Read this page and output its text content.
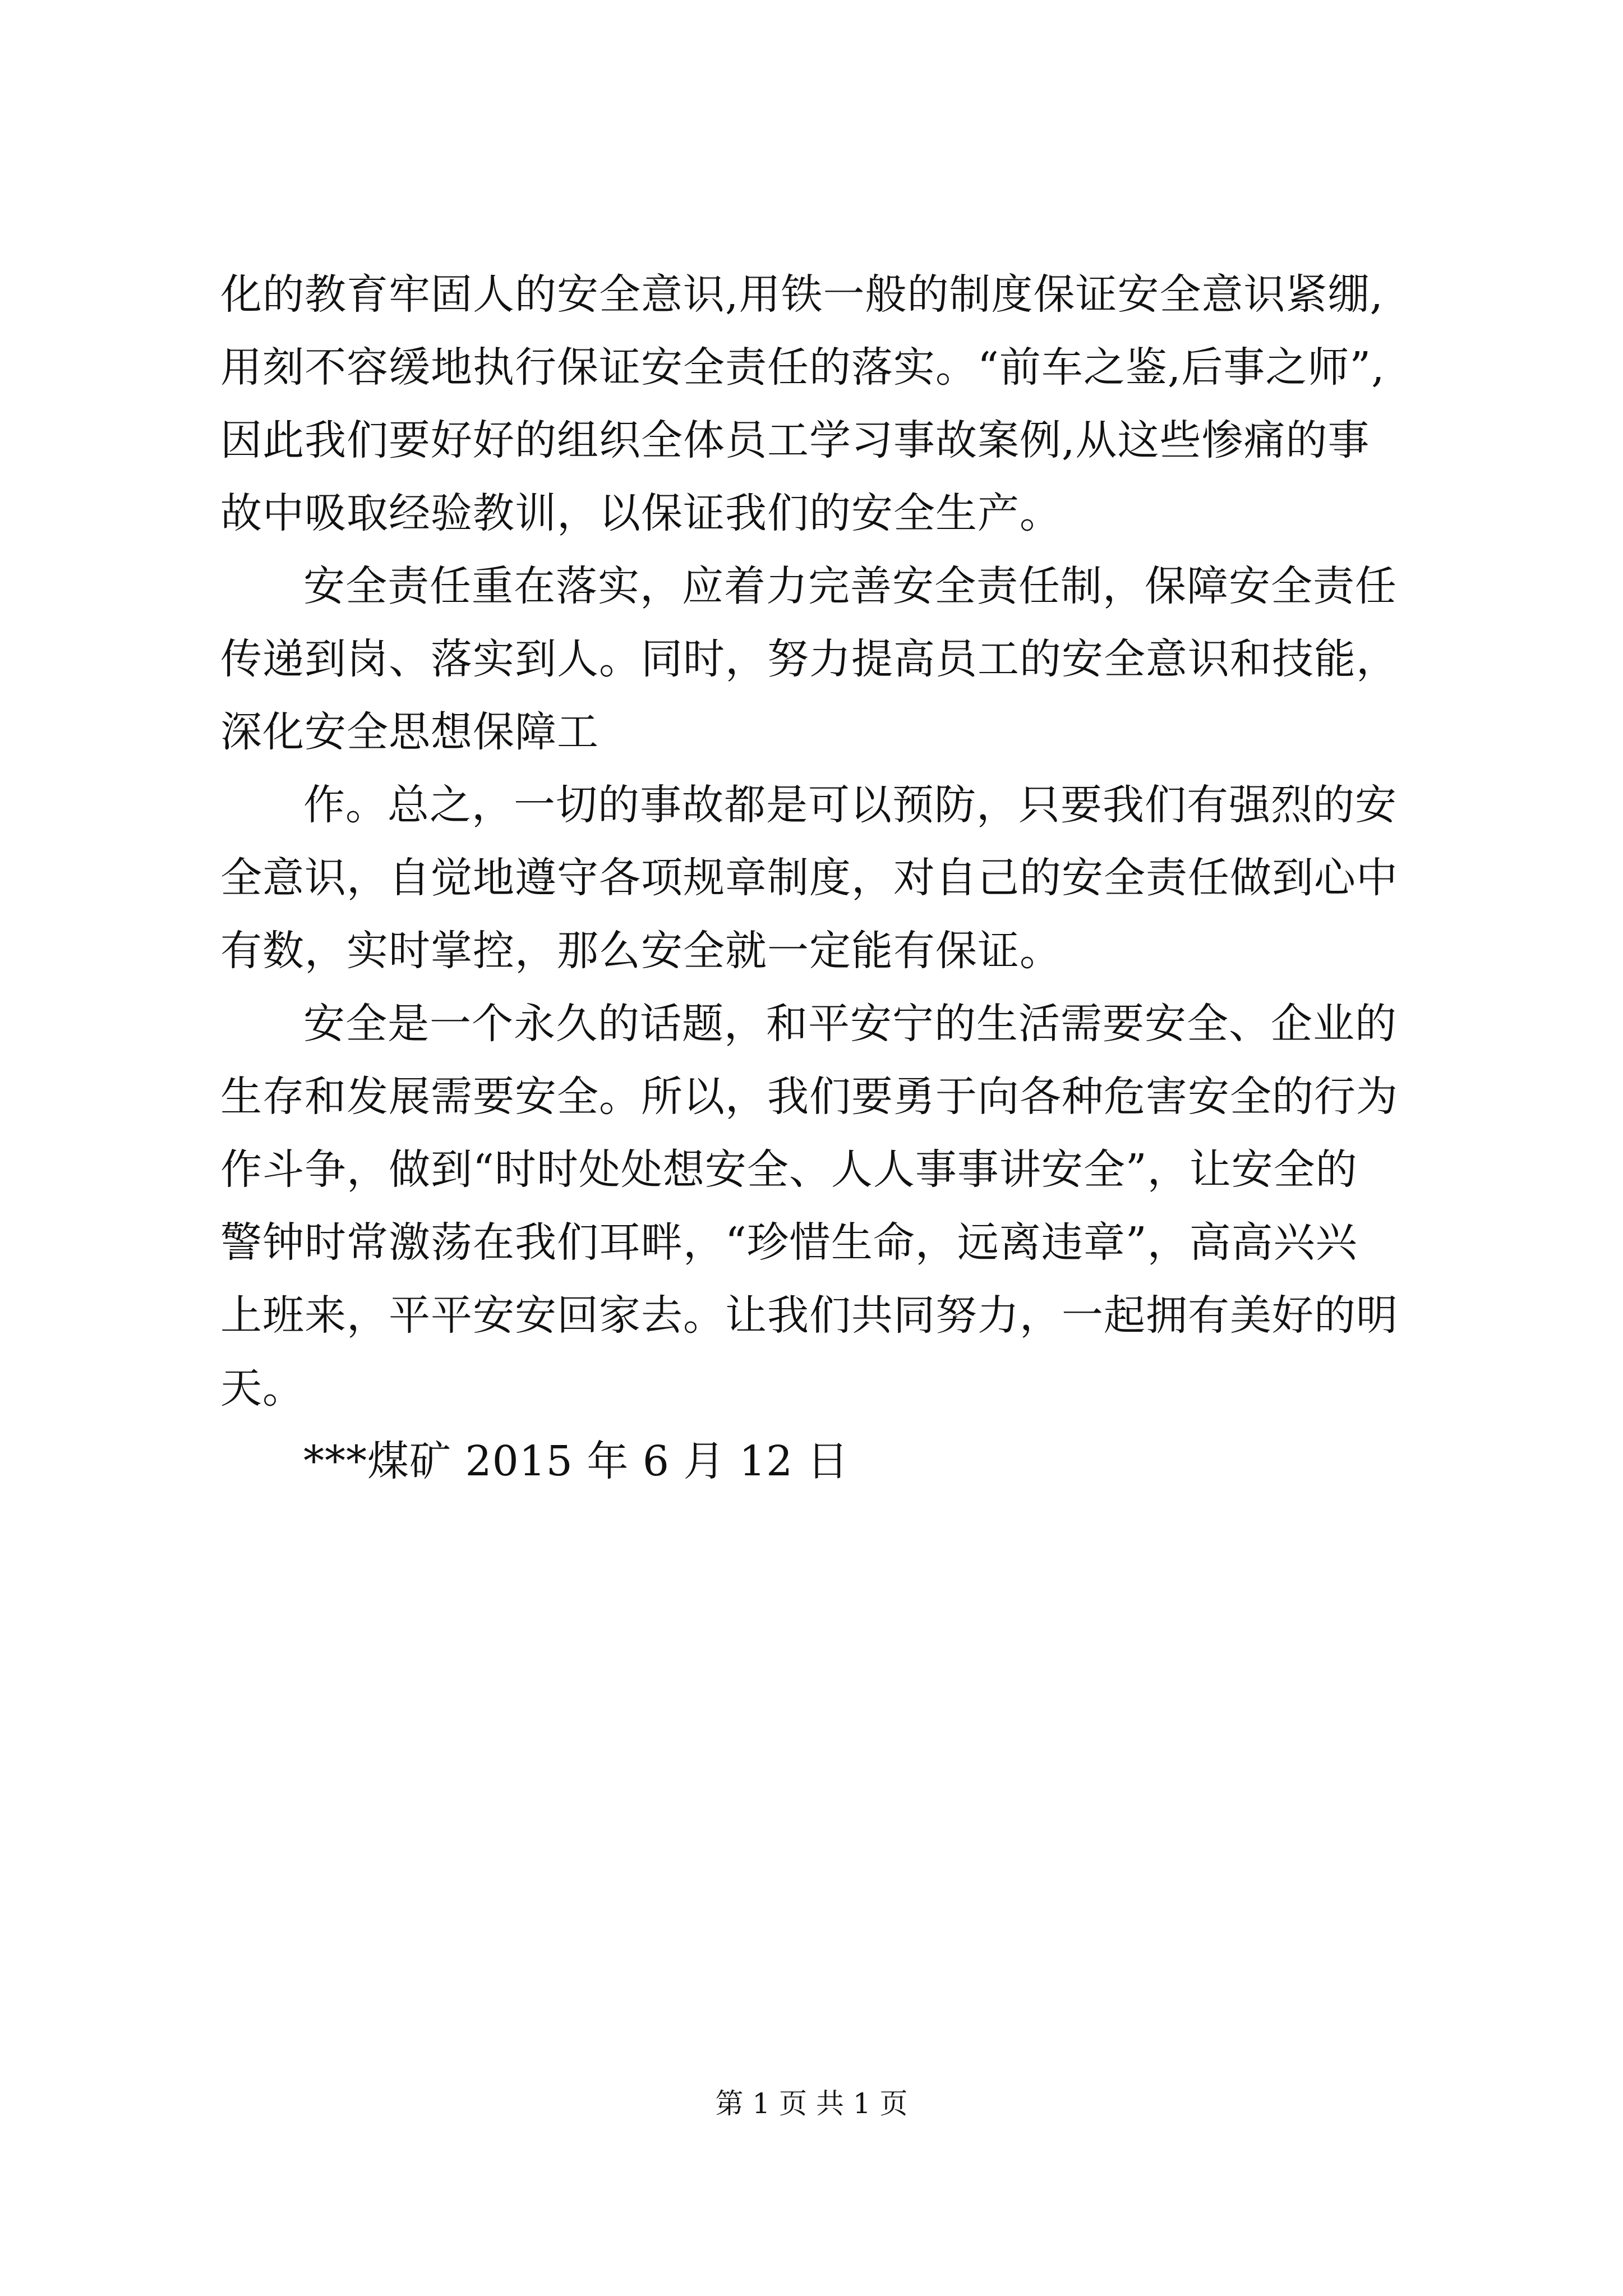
化的教育牢固人的安全意识,用铁一般的制度保证安全意识紧绷,
用刻不容缓地执行保证安全责任的落实。“前车之鉴,后事之师”,
因此我们要好好的组织全体员工学习事故案例,从这些惨痛的事
故中吸取经验教训，以保证我们的安全生产。
安全责任重在落实，应着力完善安全责任制，保障安全责任
传递到岗、落实到人。同时，努力提高员工的安全意识和技能，
深化安全思想保障工
作。总之，一切的事故都是可以预防，只要我们有强烈的安
全意识，自觉地遵守各项规章制度，对自己的安全责任做到心中
有数，实时掌控，那么安全就一定能有保证。
安全是一个永久的话题，和平安宁的生活需要安全、企业的
生存和发展需要安全。所以，我们要勇于向各种危害安全的行为
作斗争，做到“时时处处想安全、人人事事讲安全”，让安全的
警钟时常激荡在我们耳畔，“珍惜生命，远离违章”，高高兴兴
上班来，平平安安回家去。让我们共同努力，一起拥有美好的明
天。
***煤矿 2015 年 6 月 12 日
第 1 页 共 1 页
